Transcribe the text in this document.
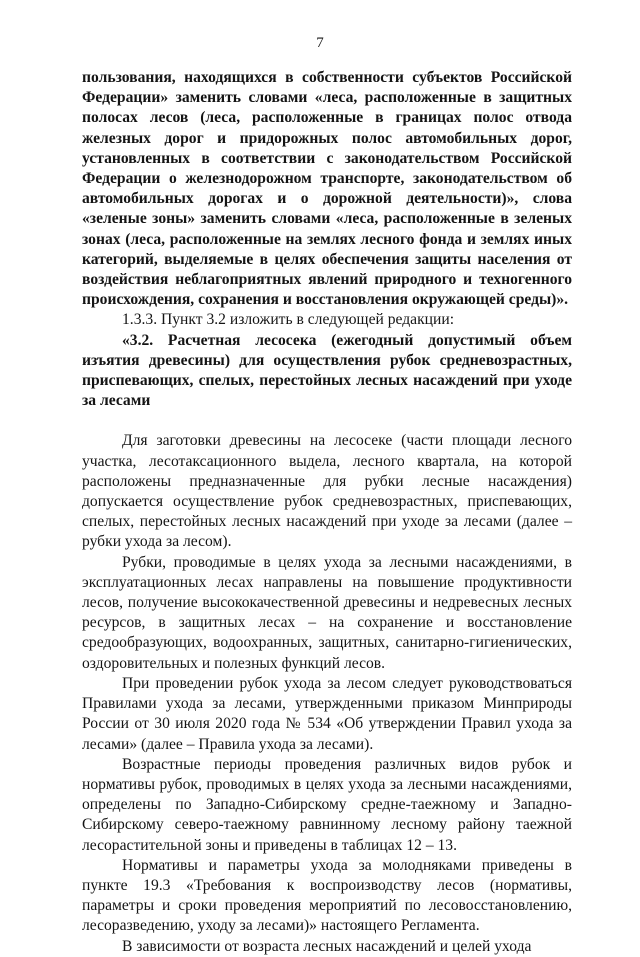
7

пользования, находящихся в собственности субъектов Российской Федерации» заменить словами «леса, расположенные в защитных полосах лесов (леса, расположенные в границах полос отвода железных дорог и придорожных полос автомобильных дорог, установленных в соответствии с законодательством Российской Федерации о железнодорожном транспорте, законодательством об автомобильных дорогах и о дорожной деятельности)», слова «зеленые зоны» заменить словами «леса, расположенные в зеленых зонах (леса, расположенные на землях лесного фонда и землях иных категорий, выделяемые в целях обеспечения защиты населения от воздействия неблагоприятных явлений природного и техногенного происхождения, сохранения и восстановления окружающей среды)».

1.3.3. Пункт 3.2 изложить в следующей редакции:

«3.2. Расчетная лесосека (ежегодный допустимый объем изъятия древесины) для осуществления рубок средневозрастных, приспевающих, спелых, перестойных лесных насаждений при уходе за лесами

Для заготовки древесины на лесосеке (части площади лесного участка, лесотаксационного выдела, лесного квартала, на которой расположены предназначенные для рубки лесные насаждения) допускается осуществление рубок средневозрастных, приспевающих, спелых, перестойных лесных насаждений при уходе за лесами (далее – рубки ухода за лесом).

Рубки, проводимые в целях ухода за лесными насаждениями, в эксплуатационных лесах направлены на повышение продуктивности лесов, получение высококачественной древесины и недревесных лесных ресурсов, в защитных лесах – на сохранение и восстановление средообразующих, водоохранных, защитных, санитарно-гигиенических, оздоровительных и полезных функций лесов.

При проведении рубок ухода за лесом следует руководствоваться Правилами ухода за лесами, утвержденными приказом Минприроды России от 30 июля 2020 года № 534 «Об утверждении Правил ухода за лесами» (далее – Правила ухода за лесами).

Возрастные периоды проведения различных видов рубок и нормативы рубок, проводимых в целях ухода за лесными насаждениями, определены по Западно-Сибирскому средне-таежному и Западно-Сибирскому северо-таежному равнинному лесному району таежной лесорастительной зоны и приведены в таблицах 12 – 13.

Нормативы и параметры ухода за молодняками приведены в пункте 19.3 «Требования к воспроизводству лесов (нормативы, параметры и сроки проведения мероприятий по лесовосстановлению, лесоразведению, уходу за лесами)» настоящего Регламента.

В зависимости от возраста лесных насаждений и целей ухода
